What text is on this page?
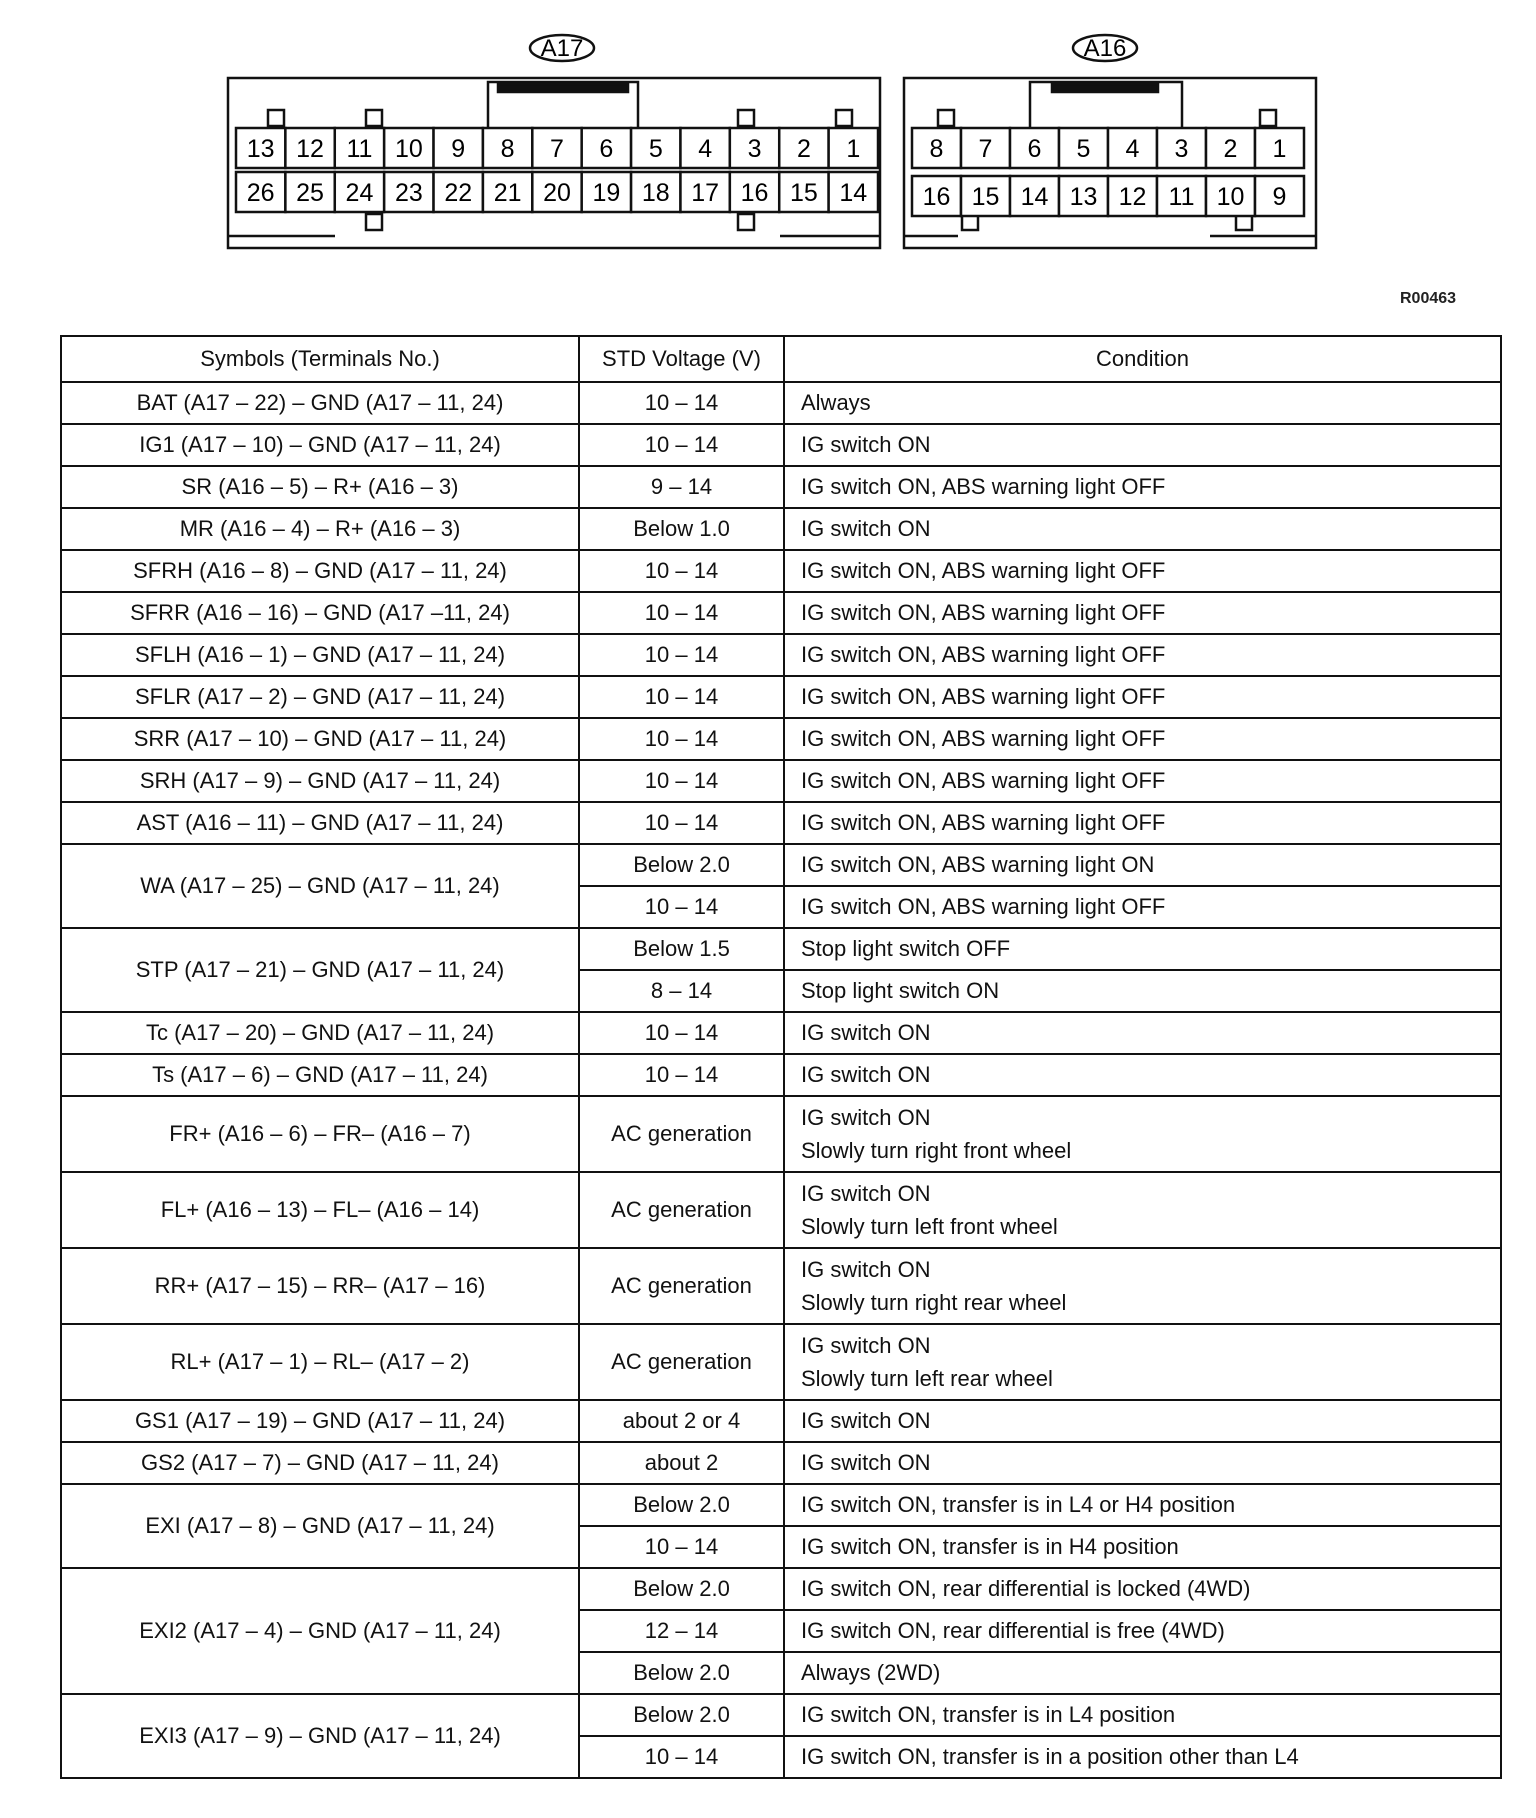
A17	A16
13 12 11 10 9 8 7 6 5 4 3 2 1
26 25 24 23 22 21 20 19 18 17 16 15 14
8 7 6 5 4 3 2 1
16 15 14 13 12 11 10 9
R00463
Symbols (Terminals No.)	STD Voltage (V)	Condition
BAT (A17 – 22) – GND (A17 – 11, 24)	10 – 14	Always

IG1 (A17 – 10) – GND (A17 – 11, 24)	10 – 14	IG switch ON

SR (A16 – 5) – R+ (A16 – 3)	9 – 14	IG switch ON, ABS warning light OFF

MR (A16 – 4) – R+ (A16 – 3)	Below 1.0	IG switch ON

SFRH (A16 – 8) – GND (A17 – 11, 24)	10 – 14	IG switch ON, ABS warning light OFF

SFRR (A16 – 16) – GND (A17 –11, 24)	10 – 14	IG switch ON, ABS warning light OFF

SFLH (A16 – 1) – GND (A17 – 11, 24)	10 – 14	IG switch ON, ABS warning light OFF

SFLR (A17 – 2) – GND (A17 – 11, 24)	10 – 14	IG switch ON, ABS warning light OFF

SRR (A17 – 10) – GND (A17 – 11, 24)	10 – 14	IG switch ON, ABS warning light OFF

SRH (A17 – 9) – GND (A17 – 11, 24)	10 – 14	IG switch ON, ABS warning light OFF

AST (A16 – 11) – GND (A17 – 11, 24)	10 – 14	IG switch ON, ABS warning light OFF

WA (A17 – 25) – GND (A17 – 11, 24)	Below 2.0	IG switch ON, ABS warning light ON

	10 – 14	IG switch ON, ABS warning light OFF

STP (A17 – 21) – GND (A17 – 11, 24)	Below 1.5	Stop light switch OFF

	8 – 14	Stop light switch ON

Tc (A17 – 20) – GND (A17 – 11, 24)	10 – 14	IG switch ON

Ts (A17 – 6) – GND (A17 – 11, 24)	10 – 14	IG switch ON

FR+ (A16 – 6) – FR– (A16 – 7)	AC generation	IG switch ON
Slowly turn right front wheel

FL+ (A16 – 13) – FL– (A16 – 14)	AC generation	IG switch ON
Slowly turn left front wheel

RR+ (A17 – 15) – RR– (A17 – 16)	AC generation	IG switch ON
Slowly turn right rear wheel

RL+ (A17 – 1) – RL– (A17 – 2)	AC generation	IG switch ON
Slowly turn left rear wheel

GS1 (A17 – 19) – GND (A17 – 11, 24)	about 2 or 4	IG switch ON

GS2 (A17 – 7) – GND (A17 – 11, 24)	about 2	IG switch ON

EXI (A17 – 8) – GND (A17 – 11, 24)	Below 2.0	IG switch ON, transfer is in L4 or H4 position

	10 – 14	IG switch ON, transfer is in H4 position

EXI2 (A17 – 4) – GND (A17 – 11, 24)	Below 2.0	IG switch ON, rear differential is locked (4WD)

	12 – 14	IG switch ON, rear differential is free (4WD)

	Below 2.0	Always (2WD)

EXI3 (A17 – 9) – GND (A17 – 11, 24)	Below 2.0	IG switch ON, transfer is in L4 position

	10 – 14	IG switch ON, transfer is in a position other than L4
